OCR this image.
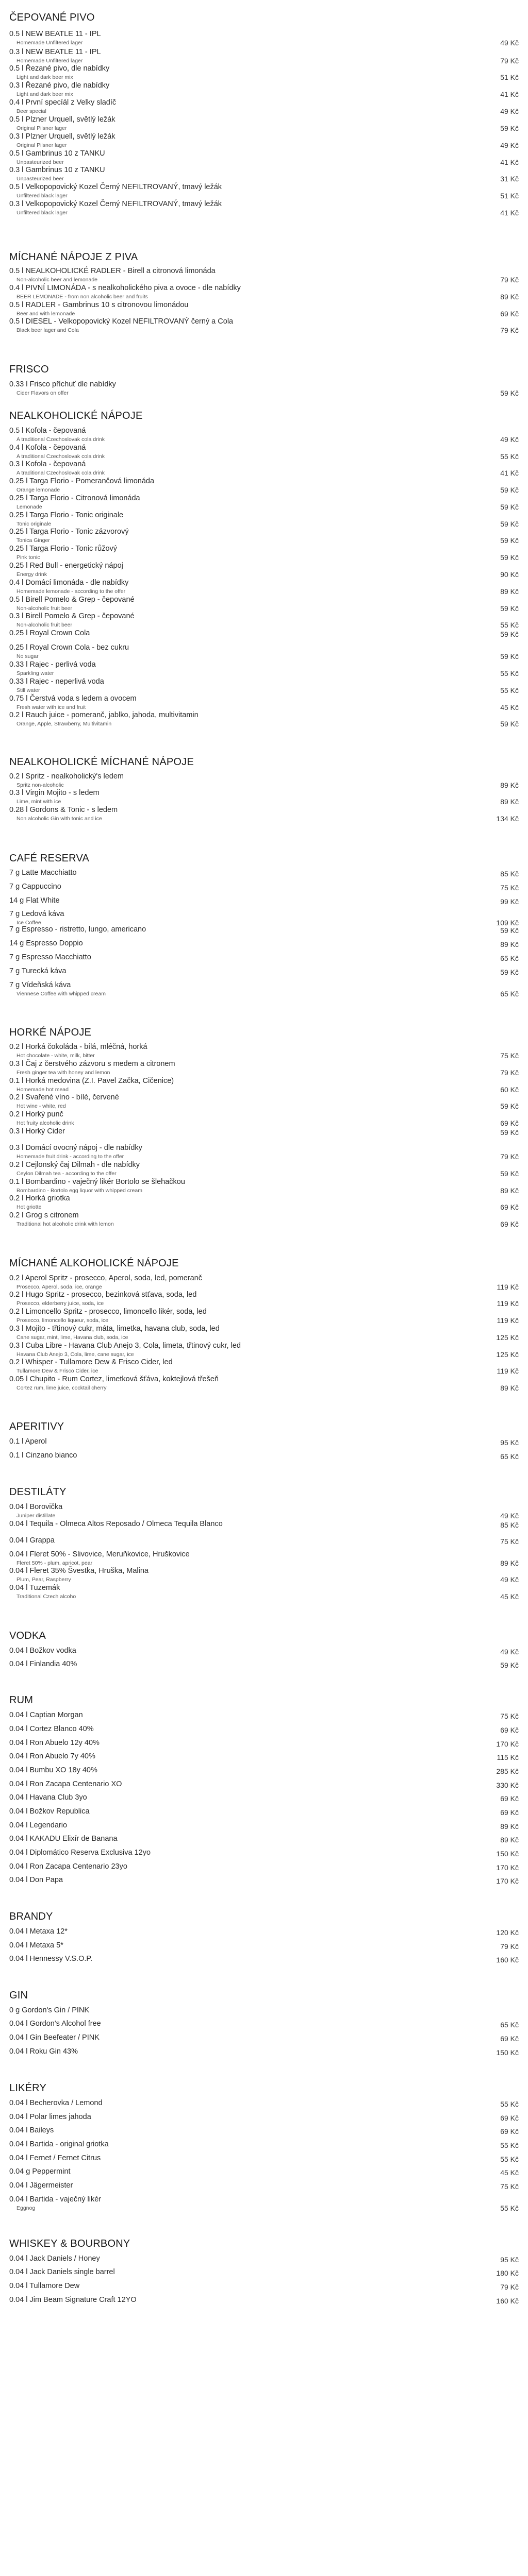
ČEPOVANÉ PIVO
0.5 l NEW BEATLE 11 - IPL
Homemade Unfiltered lager	49 Kč
0.3 l NEW BEATLE 11 - IPL
Homemade Unfiltered lager	79 Kč
0.5 l Řezané pivo, dle nabídky
Light and dark beer mix	51 Kč
0.3 l Řezané pivo, dle nabídky
Light and dark beer mix	41 Kč
0.4 l První specíál z Velky sladíč
Beer special	49 Kč
0.5 l Plzner Urquell, světlý ležák
Original Pilsner lager	59 Kč
0.3 l Plzner Urquell, světlý ležák
Original Pilsner lager	49 Kč
0.5 l Gambrinus 10 z TANKU
Unpasteurized beer	41 Kč
0.3 l Gambrinus 10 z TANKU
Unpasteurized beer	31 Kč
0.5 l Velkopopovický Kozel Černý NEFILTROVANÝ, tmavý ležák
Unfiltered black lager	51 Kč
0.3 l Velkopopovický Kozel Černý NEFILTROVANÝ, tmavý ležák
Unfiltered black lager	41 Kč
MÍCHANÉ NÁPOJE Z PIVA
0.5 l NEALKOHOLICKÉ RADLER - Birell a citronová limonáda
Non-alcoholic beer and lemonade	79 Kč
0.4 l PIVNÍ LIMONÁDA - s nealkoholického piva a ovoce - dle nabídky
BEER LEMONADE - from non alcoholic beer and fruits	89 Kč
0.5 l RADLER - Gambrinus 10 s citronovou limonádou
Beer and with lemonade	69 Kč
0.5 l DIESEL - Velkopopovický Kozel NEFILTROVANÝ černý a Cola
Black beer lager and Cola	79 Kč
FRISCO
0.33 l Frisco příchuť dle nabídky
Cider Flavors on offer	59 Kč
NEALKOHOLICKÉ NÁPOJE
0.5 l Kofola - čepovaná
A traditional Czechoslovak cola drink	49 Kč
0.4 l Kofola - čepovaná
A traditional Czechoslovak cola drink	55 Kč
0.3 l Kofola - čepovaná
A traditional Czechoslovak cola drink	41 Kč
0.25 l Targa Florio - Pomerančová limonáda
Orange lemonade	59 Kč
0.25 l Targa Florio - Citronová limonáda
Lemonade	59 Kč
0.25 l Targa Florio - Tonic originale
Tonic originale	59 Kč
0.25 l Targa Florio - Tonic zázvorový
Tonica Ginger	59 Kč
0.25 l Targa Florio - Tonic růžový
Pink tonic	59 Kč
0.25 l Red Bull - energetický nápoj
Energy drink	90 Kč
0.4 l Domácí limonáda - dle nabídky
Homemade lemonade - according to the offer	89 Kč
0.5 l Birell Pomelo & Grep - čepované
Non-alcoholic fruit beer	59 Kč
0.3 l Birell Pomelo & Grep - čepované
Non-alcoholic fruit beer	55 Kč
0.25 l Royal Crown Cola	59 Kč
0.25 l Royal Crown Cola - bez cukru
No sugar	59 Kč
0.33 l Rajec - perlivá voda
Sparkling water	55 Kč
0.33 l Rajec - neperlivá voda
Still water	55 Kč
0.75 l Čerstvá voda s ledem a ovocem
Fresh water with ice and fruit	45 Kč
0.2 l Rauch juice - pomeranč, jablko, jahoda, multivitamin
Orange, Apple, Strawberry, Multivitamin	59 Kč
NEALKOHOLICKÉ MÍCHANÉ NÁPOJE
0.2 l Spritz - nealkoholický's ledem
Spritz non-alcoholic	89 Kč
0.3 l Virgin Mojito - s ledem
Lime, mint with ice	89 Kč
0.28 l Gordons & Tonic - s ledem
Non alcoholic Gin with tonic and ice	134 Kč
CAFÉ RESERVA
7 g Latte Macchiatto	85 Kč
7 g Cappuccino	75 Kč
14 g Flat White	99 Kč
7 g Ledová káva
Ice Coffee	109 Kč
7 g Espresso - ristretto, lungo, americano	59 Kč
14 g Espresso Doppio	89 Kč
7 g Espresso Macchiatto	65 Kč
7 g Turecká káva	59 Kč
7 g Vídeňská káva
Viennese Coffee with whipped cream	65 Kč
HORKÉ NÁPOJE
0.2 l Horká čokoláda - bílá, mléčná, horká
Hot chocolate - white, milk, bitter	75 Kč
0.3 l Čaj z čerstvého zázvoru s medem a citronem
Fresh ginger tea with honey and lemon	79 Kč
0.1 l Horká medovina (Z.I. Pavel Začka, Cičenice)
Homemade hot mead	60 Kč
0.2 l Svařené víno - bílé, červené
Hot wine - white, red	59 Kč
0.2 l Horký punč
Hot fruity alcoholic drink	69 Kč
0.3 l Horký Cider	59 Kč
0.3 l Domácí ovocný nápoj - dle nabídky
Homemade fruit drink - according to the offer	79 Kč
0.2 l Cejlonský čaj Dilmah - dle nabídky
Ceylon Dilmah tea - according to the offer	59 Kč
0.1 l Bombardino - vaječný likér Bortolo se šlehačkou
Bombardino - Bortolo egg liquor with whipped cream	89 Kč
0.2 l Horká griotka
Hot griotte	69 Kč
0.2 l Grog s citronem
Traditional hot alcoholic drink with lemon	69 Kč
MÍCHANÉ ALKOHOLICKÉ NÁPOJE
0.2 l Aperol Spritz - prosecco, Aperol, soda, led, pomeranč
Prosecco, Aperol, soda, ice, orange	119 Kč
0.2 l Hugo Spritz - prosecco, bezinková stťava, soda, led
Prosecco, elderberry juice, soda, ice	119 Kč
0.2 l Limoncello Spritz - prosecco, limoncello likér, soda, led
Prosecco, limoncello liqueur, soda, ice	119 Kč
0.3 l Mojito - třtinový cukr, máta, limetka, havana club, soda, led
Cane sugar, mint, lime, Havana club, soda, ice	125 Kč
0.3 l Cuba Libre - Havana Club Anejo 3, Cola, limeta, třtinový cukr, led
Havana Club Anejo 3, Cola, lime, cane sugar, ice	125 Kč
0.2 l Whisper - Tullamore Dew & Frisco Cider, led
Tullamore Dew & Frisco Cider, ice	119 Kč
0.05 l Chupito - Rum Cortez, limetková šťáva, koktejlová třešeň
Cortez rum, lime juice, cocktail cherry	89 Kč
APERITIVY
0.1 l Aperol	95 Kč
0.1 l Cinzano bianco	65 Kč
DESTILÁTY
0.04 l Borovička
Juniper distillate	49 Kč
0.04 l Tequila - Olmeca Altos Reposado / Olmeca Tequila Blanco	85 Kč
0.04 l Grappa	75 Kč
0.04 l Fleret 50% - Slivovice, Meruňkovice, Hruškovice
Fleret 50% - plum, apricot, pear	89 Kč
0.04 l Fleret 35% Švestka, Hruška, Malina
Plum, Pear, Raspberry	49 Kč
0.04 l Tuzemák
Traditional Czech alcoho	45 Kč
VODKA
0.04 l Božkov vodka	49 Kč
0.04 l Finlandia 40%	59 Kč
RUM
0.04 l Captian Morgan	75 Kč
0.04 l Cortez Blanco 40%	69 Kč
0.04 l Ron Abuelo 12y 40%	170 Kč
0.04 l Ron Abuelo 7y 40%	115 Kč
0.04 l Bumbu XO 18y 40%	285 Kč
0.04 l Ron Zacapa Centenario XO	330 Kč
0.04 l Havana Club 3yo	69 Kč
0.04 l Božkov Republica	69 Kč
0.04 l Legendario	89 Kč
0.04 l KAKADU Elixír de Banana	89 Kč
0.04 l Diplomático Reserva Exclusiva 12yo	150 Kč
0.04 l Ron Zacapa Centenario 23yo	170 Kč
0.04 l Don Papa	170 Kč
BRANDY
0.04 l Metaxa 12*	120 Kč
0.04 l Metaxa 5*	79 Kč
0.04 l Hennessy V.S.O.P.	160 Kč
GIN
0 g Gordon's Gin / PINK
0.04 l Gordon's Alcohol free	65 Kč
0.04 l Gin Beefeater / PINK	69 Kč
0.04 l Roku Gin 43%	150 Kč
LIKÉRY
0.04 l Becherovka / Lemond	55 Kč
0.04 l Polar limes jahoda	69 Kč
0.04 l Baileys	69 Kč
0.04 l Bartida - original griotka	55 Kč
0.04 l Fernet / Fernet Citrus	55 Kč
0.04 g Peppermint	45 Kč
0.04 l Jägermeister	75 Kč
0.04 l Bartida - vaječný likér
Eggnog	55 Kč
WHISKEY & BOURBONY
0.04 l Jack Daniels / Honey	95 Kč
0.04 l Jack Daniels single barrel	180 Kč
0.04 l Tullamore Dew	79 Kč
0.04 l Jim Beam Signature Craft 12YO	160 Kč
